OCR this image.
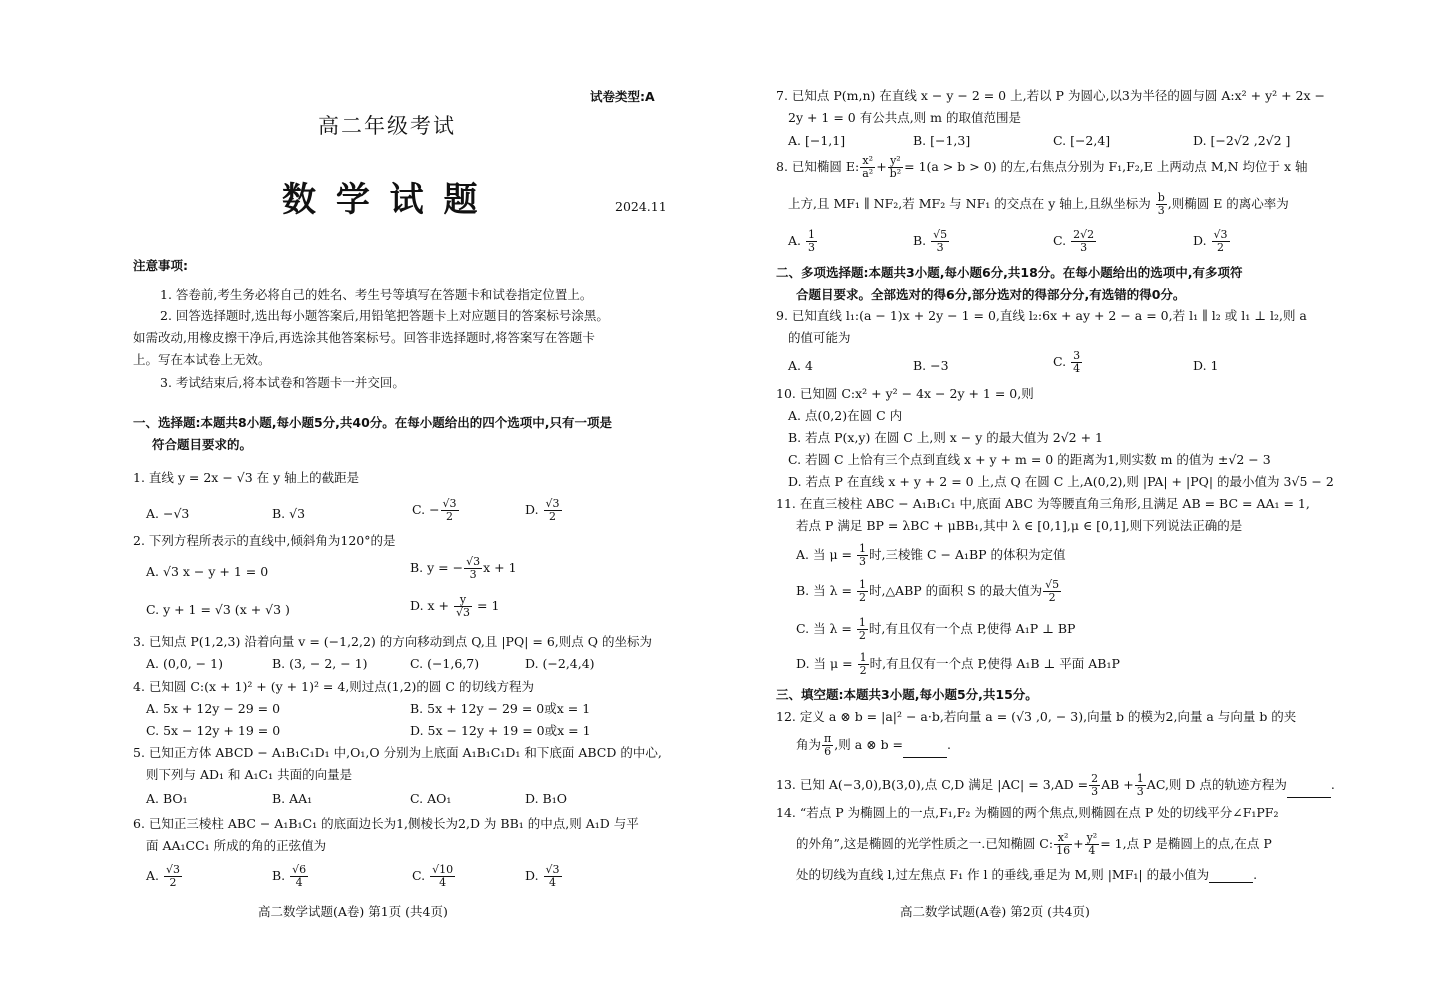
试卷类型:A
高二年级考试
数 学 试 题	2024.11
注意事项:
1. 答卷前,考生务必将自己的姓名、考生号等填写在答题卡和试卷指定位置上。
2. 回答选择题时,选出每小题答案后,用铅笔把答题卡上对应题目的答案标号涂黑。
如需改动,用橡皮擦干净后,再选涂其他答案标号。回答非选择题时,将答案写在答题卡
上。写在本试卷上无效。
3. 考试结束后,将本试卷和答题卡一并交回。
一、选择题:本题共8小题,每小题5分,共40分。在每小题给出的四个选项中,只有一项是
符合题目要求的。
1. 直线 y = 2x − √3 在 y 轴上的截距是
A. −√3	B. √3	C. − $\frac{√3}{2}$	D. $\frac{√3}{2}$
2. 下列方程所表示的直线中,倾斜角为120°的是
A. √3 x − y + 1 = 0	B. y = − $\frac{√3}{3}$ x + 1
C. y + 1 = √3 (x + √3 )	D. $x + \frac{y}{√3} = 1$
3. 已知点 P(1,2,3) 沿着向量 v = (−1,2,2) 的方向移动到点 Q,且 |PQ| = 6,则点 Q 的坐标为
A. (0,0, − 1)	B. (3, − 2, − 1)	C. (−1,6,7)	D. (−2,4,4)
4. 已知圆 C:(x + 1)² + (y + 1)² = 4,则过点(1,2)的圆 C 的切线方程为
A. 5x + 12y − 29 = 0	B. 5x + 12y − 29 = 0或x = 1
C. 5x − 12y + 19 = 0	D. 5x − 12y + 19 = 0或x = 1
5. 已知正方体 ABCD − A₁B₁C₁D₁ 中,O₁,O 分别为上底面 A₁B₁C₁D₁ 和下底面 ABCD 的中心,
则下列与 AD₁ 和 A₁C₁ 共面的向量是
A. BO₁	B. AA₁	C. AO₁	D. B₁O
6. 已知正三棱柱 ABC − A₁B₁C₁ 的底面边长为1,侧棱长为2,D 为 BB₁ 的中点,则 A₁D 与平
面 AA₁CC₁ 所成的角的正弦值为
A. $\frac{√3}{2}$	B. $\frac{√6}{4}$	C. $\frac{√10}{4}$	D. $\frac{√3}{4}$
高二数学试题(A卷) 第1页 (共4页)
7. 已知点 P(m,n) 在直线 x − y − 2 = 0 上,若以 P 为圆心,以3为半径的圆与圆 A:x² + y² + 2x −
2y + 1 = 0 有公共点,则 m 的取值范围是
A. [−1,1]	B. [−1,3]	C. [−2,4]	D. [−2√2 ,2√2 ]
8. 已知椭圆 E: $\frac{\text{x²}}{\text{a²}} + \frac{\text{y²}}{\text{b²}} = 1(a > b > 0)$ 的左,右焦点分别为 F₁,F₂,E 上两动点 M,N 均位于 x 轴
上方,且 MF₁ ∥ NF₂,若 MF₂ 与 NF₁ 的交点在 y 轴上,且纵坐标为 $\frac{b}{3}$ ,则椭圆 E 的离心率为
A. $\frac{1}{3}$	B. $\frac{√5}{3}$	C. $\frac{2√2}{3}$	D. $\frac{√3}{2}$
二、多项选择题:本题共3小题,每小题6分,共18分。在每小题给出的选项中,有多项符
合题目要求。全部选对的得6分,部分选对的得部分分,有选错的得0分。
9. 已知直线 l₁:(a − 1)x + 2y − 1 = 0,直线 l₂:6x + ay + 2 − a = 0,若 l₁ ∥ l₂ 或 l₁ ⊥ l₂,则 a
的值可能为
A. 4	B. −3	C. $\frac{3}{4}$	D. 1
10. 已知圆 C:x² + y² − 4x − 2y + 1 = 0,则
A. 点(0,2)在圆 C 内
B. 若点 P(x,y) 在圆 C 上,则 x − y 的最大值为 2√2 + 1
C. 若圆 C 上恰有三个点到直线 x + y + m = 0 的距离为1,则实数 m 的值为 ±√2 − 3
D. 若点 P 在直线 x + y + 2 = 0 上,点 Q 在圆 C 上,A(0,2),则 |PA| + |PQ| 的最小值为 3√5 − 2
11. 在直三棱柱 ABC − A₁B₁C₁ 中,底面 ABC 为等腰直角三角形,且满足 AB = BC = AA₁ = 1,
若点 P 满足 BP = λBC + μBB₁,其中 λ ∈ [0,1],μ ∈ [0,1],则下列说法正确的是
A. 当 $\mu = \frac{1}{3}$ 时,三棱锥 C − A₁BP 的体积为定值
B. 当 $\lambda = \frac{1}{2}$ 时,△ABP 的面积 S 的最大值为 $\frac{√5}{2}$
C. 当 $\lambda = \frac{1}{2}$ 时,有且仅有一个点 P,使得 A₁P ⊥ BP
D. 当 $\mu = \frac{1}{2}$ 时,有且仅有一个点 P,使得 A₁B ⊥ 平面 AB₁P
三、填空题:本题共3小题,每小题5分,共15分。
12. 定义 a ⊗ b = |a|² − a·b,若向量 a = (√3 ,0, − 3),向量 b 的模为2,向量 a 与向量 b 的夹
角为 $\frac{\pi}{6}$ ,则 a ⊗ b =	.
13. 已知 A(−3,0),B(3,0),点 C,D 满足 $|AC| = 3,AD = \frac{2}{3}$ AB + $\frac{1}{3}$ AC,则 D 点的轨迹方程为	.
14. “若点 P 为椭圆上的一点,F₁,F₂ 为椭圆的两个焦点,则椭圆在点 P 处的切线平分∠F₁PF₂
的外角”,这是椭圆的光学性质之一.已知椭圆 C: $\frac{\text{x²}}{16} + \frac{\text{y²}}{4} = 1$,点 P 是椭圆上的点,在点 P
处的切线为直线 l,过左焦点 F₁ 作 l 的垂线,垂足为 M,则 |MF₁| 的最小值为	.
高二数学试题(A卷) 第2页 (共4页)
